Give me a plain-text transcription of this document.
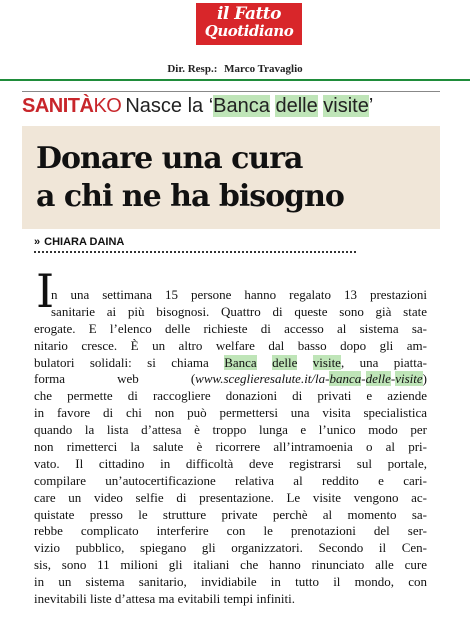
il Fatto
Quotidiano
Dir. Resp.: Marco Travaglio
SANITÀKO Nasce la ‘Banca delle visite’
Donare una cura
a chi ne ha bisogno
» CHIARA DAINA
I
n una settimana 15 persone hanno regalato 13 prestazioni
sanitarie ai più bisognosi. Quattro di queste sono già state
erogate. E l’elenco delle richieste di accesso al sistema sa-
nitario cresce. È un altro welfare dal basso dopo gli am-
bulatori solidali: si chiama Banca delle visite, una piatta-
forma web (www.sceglieresalute.it/la-banca-delle-visite)
che permette di raccogliere donazioni di privati e aziende
in favore di chi non può permettersi una visita specialistica
quando la lista d’attesa è troppo lunga e l’unico modo per
non rimetterci la salute è ricorrere all’intramoenia o al pri-
vato. Il cittadino in difficoltà deve registrarsi sul portale,
compilare un’autocertificazione relativa al reddito e cari-
care un video selfie di presentazione. Le visite vengono ac-
quistate presso le strutture private perchè al momento sa-
rebbe complicato interferire con le prenotazioni del ser-
vizio pubblico, spiegano gli organizzatori. Secondo il Cen-
sis, sono 11 milioni gli italiani che hanno rinunciato alle cure
in un sistema sanitario, invidiabile in tutto il mondo, con
inevitabili liste d’attesa ma evitabili tempi infiniti.
